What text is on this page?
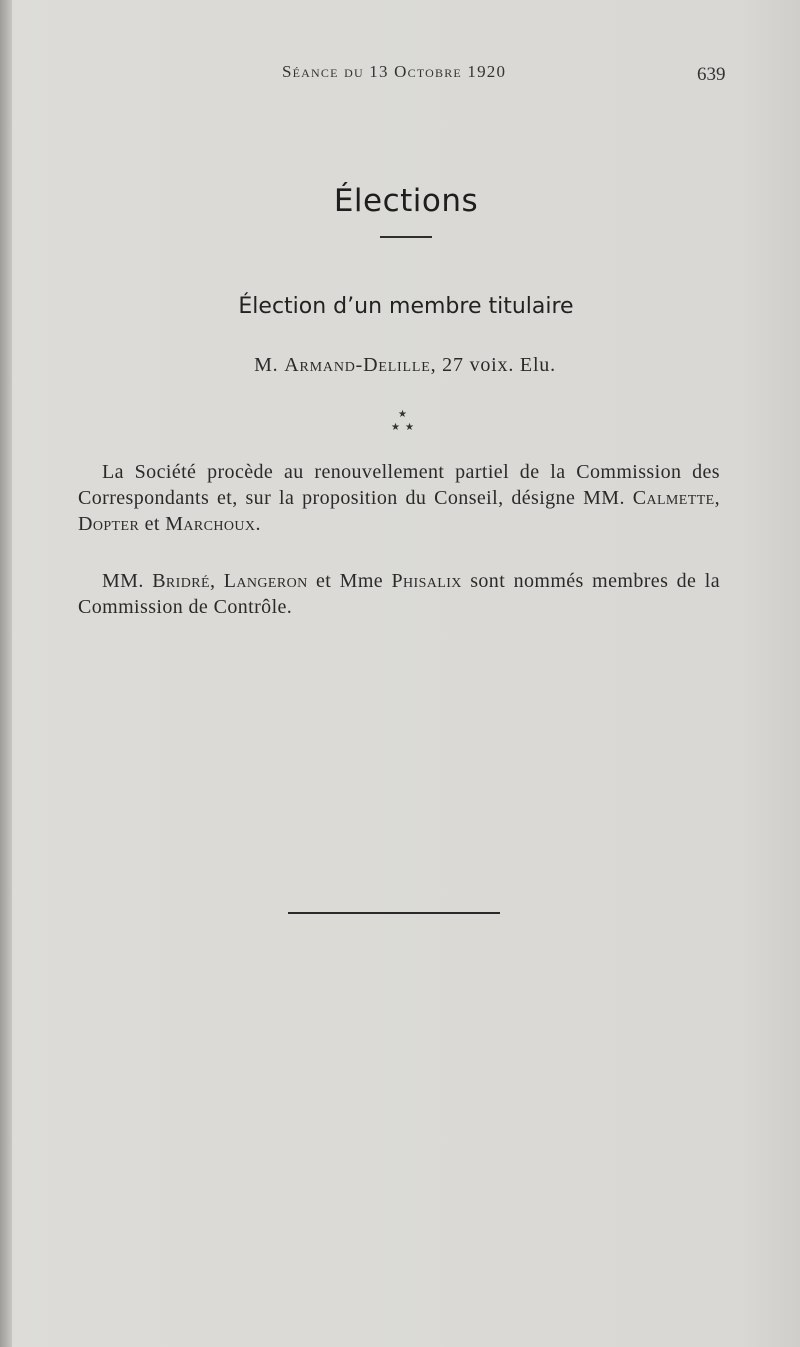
Séance du 13 Octobre 1920	639
Élections
Élection d’un membre titulaire
M. Armand-Delille, 27 voix. Elu.
★
★ ★
La Société procède au renouvellement partiel de la Commission des Correspondants et, sur la proposition du Conseil, désigne MM. Calmette, Dopter et Marchoux.
MM. Bridré, Langeron et Mme Phisalix sont nommés membres de la Commission de Contrôle.
